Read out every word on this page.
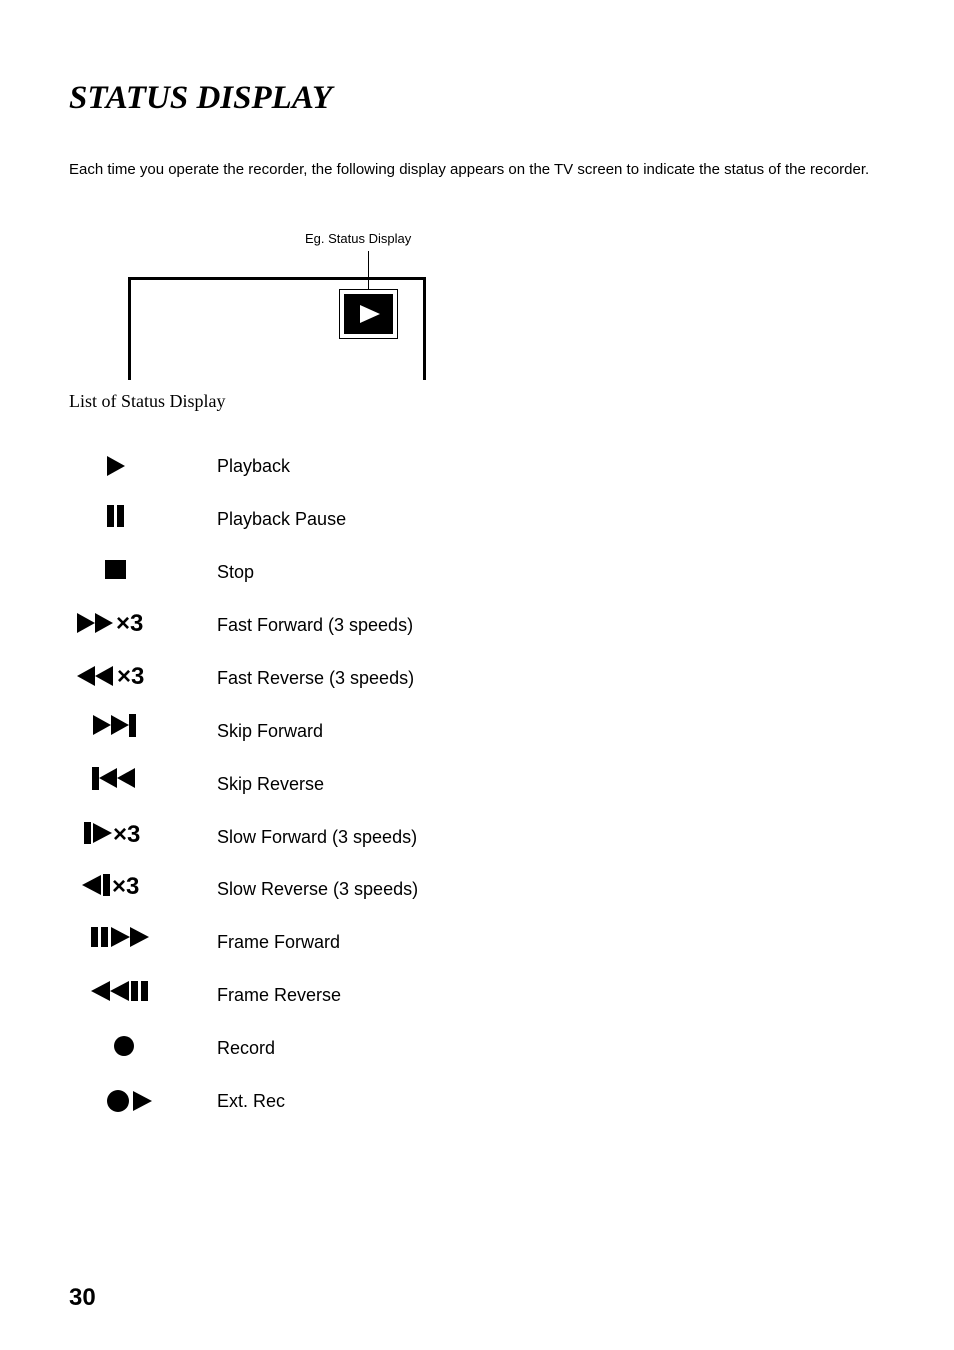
STATUS DISPLAY

Each time you operate the recorder, the following display appears on the TV screen to indicate the status of the recorder.

Eg. Status Display

List of Status Display

Playback
Playback Pause
Stop
×3	Fast Forward (3 speeds)
×3	Fast Reverse (3 speeds)
Skip Forward
Skip Reverse
×3	Slow Forward (3 speeds)
×3	Slow Reverse (3 speeds)
Frame Forward
Frame Reverse
Record
Ext. Rec
30
